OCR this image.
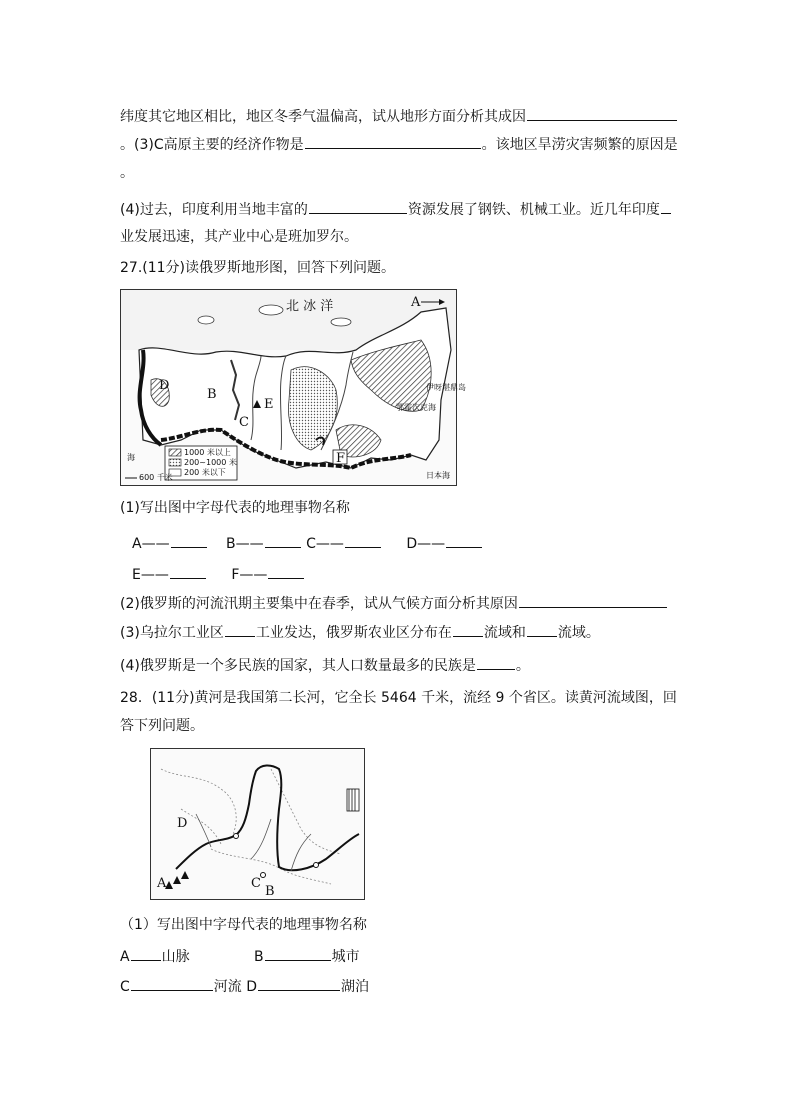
纬度其它地区相比，地区冬季气温偏高，试从地形方面分析其成因
。(3)C高原主要的经济作物是	。该地区旱涝灾害频繁的原因是
。
(4)过去，印度利用当地丰富的	资源发展了钢铁、机械工业。近几年印度
业发展迅速，其产业中心是班加罗尔。
27.(11分)读俄罗斯地形图，回答下列问题。
北 冰 洋	A
B
C
D
E
F
鄂霍次克海
伊呀堪鼎岛
日本海
海
1000 米以上
200~1000 米
200 米以下
600 千米
(1)写出图中字母代表的地理事物名称
A——	B——	C——	D——
E——	F——
(2)俄罗斯的河流汛期主要集中在春季，试从气候方面分析其原因
(3)乌拉尔工业区 工业发达，俄罗斯农业区分布在 流域和 流域。
(4)俄罗斯是一个多民族的国家，其人口数量最多的民族是	。
28．(11分)黄河是我国第二长河，它全长 5464 千米，流经 9 个省区。读黄河流域图，回
答下列问题。
A
B
C
D
（1）写出图中字母代表的地理事物名称
A 山脉	B	城市
C	河流 D	湖泊
